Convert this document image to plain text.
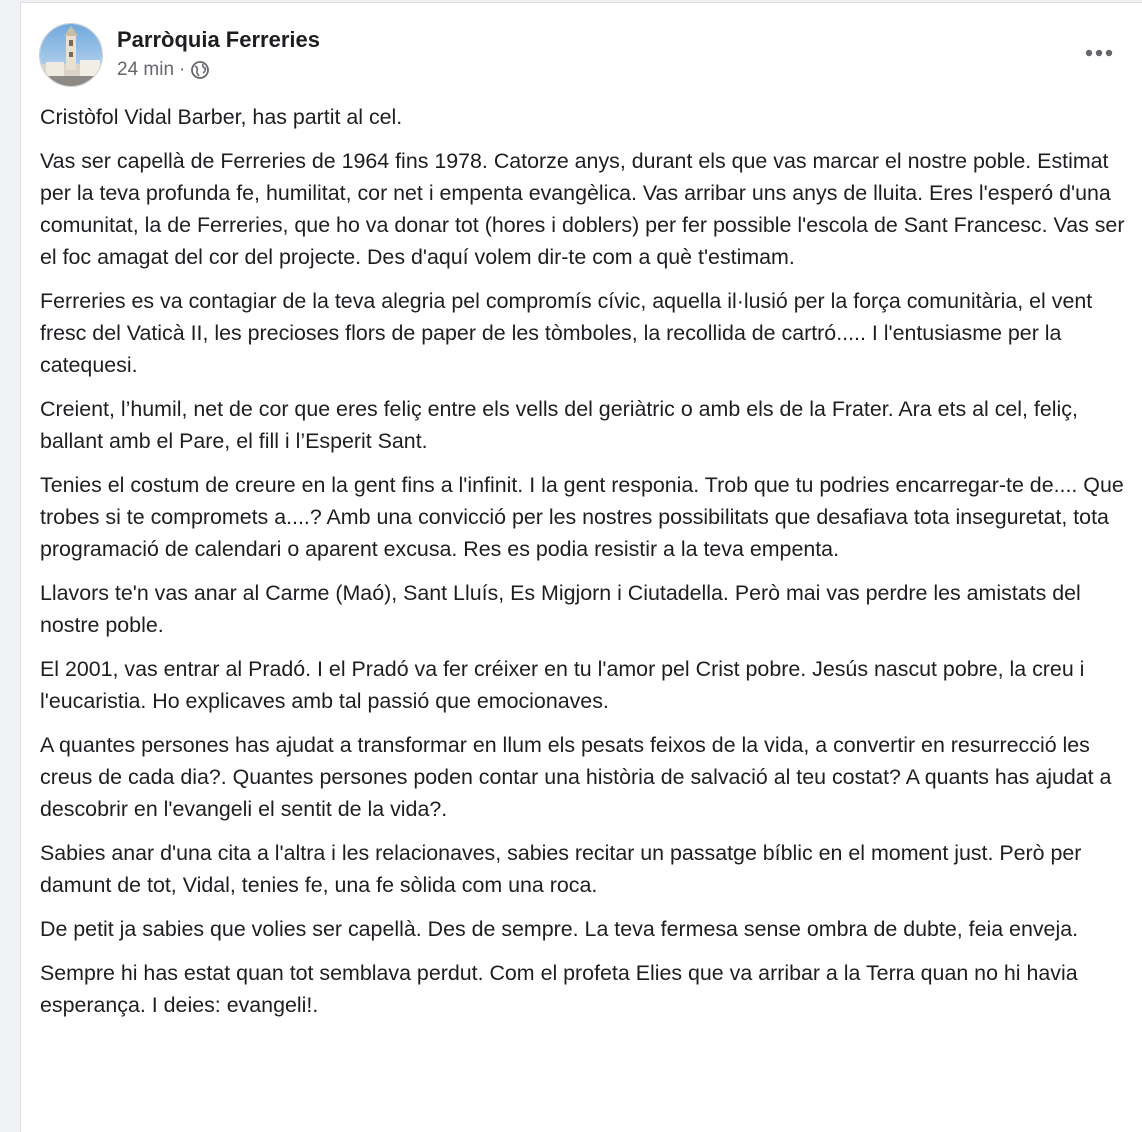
Parròquia Ferreries
24 min ·

Cristòfol Vidal Barber, has partit al cel.

Vas ser capellà de Ferreries de 1964 fins 1978. Catorze anys, durant els que vas marcar el nostre poble. Estimat per la teva profunda fe, humilitat, cor net i empenta evangèlica. Vas arribar uns anys de lluita. Eres l'esperó d'una comunitat, la de Ferreries, que ho va donar tot (hores i doblers) per fer possible l'escola de Sant Francesc. Vas ser el foc amagat del cor del projecte. Des d'aquí volem dir-te com a què t'estimam.

Ferreries es va contagiar de la teva alegria pel compromís cívic, aquella il·lusió per la força comunitària, el vent fresc del Vaticà II, les precioses flors de paper de les tòmboles, la recollida de cartró..... I l'entusiasme per la catequesi.

Creient, l’humil, net de cor que eres feliç entre els vells del geriàtric o amb els de la Frater. Ara ets al cel, feliç, ballant amb el Pare, el fill i l’Esperit Sant.

Tenies el costum de creure en la gent fins a l'infinit. I la gent responia. Trob que tu podries encarregar-te de.... Que trobes si te compromets a....? Amb una convicció per les nostres possibilitats que desafiava tota inseguretat, tota programació de calendari o aparent excusa. Res es podia resistir a la teva empenta.

Llavors te'n vas anar al Carme (Maó), Sant Lluís, Es Migjorn i Ciutadella. Però mai vas perdre les amistats del nostre poble.

El 2001, vas entrar al Pradó. I el Pradó va fer créixer en tu l'amor pel Crist pobre. Jesús nascut pobre, la creu i l'eucaristia. Ho explicaves amb tal passió que emocionaves.

A quantes persones has ajudat a transformar en llum els pesats feixos de la vida, a convertir en resurrecció les creus de cada dia?. Quantes persones poden contar una història de salvació al teu costat? A quants has ajudat a descobrir en l'evangeli el sentit de la vida?.

Sabies anar d'una cita a l'altra i les relacionaves, sabies recitar un passatge bíblic en el moment just. Però per damunt de tot, Vidal, tenies fe, una fe sòlida com una roca.

De petit ja sabies que volies ser capellà. Des de sempre. La teva fermesa sense ombra de dubte, feia enveja.

Sempre hi has estat quan tot semblava perdut. Com el profeta Elies que va arribar a la Terra quan no hi havia esperança. I deies: evangeli!.
